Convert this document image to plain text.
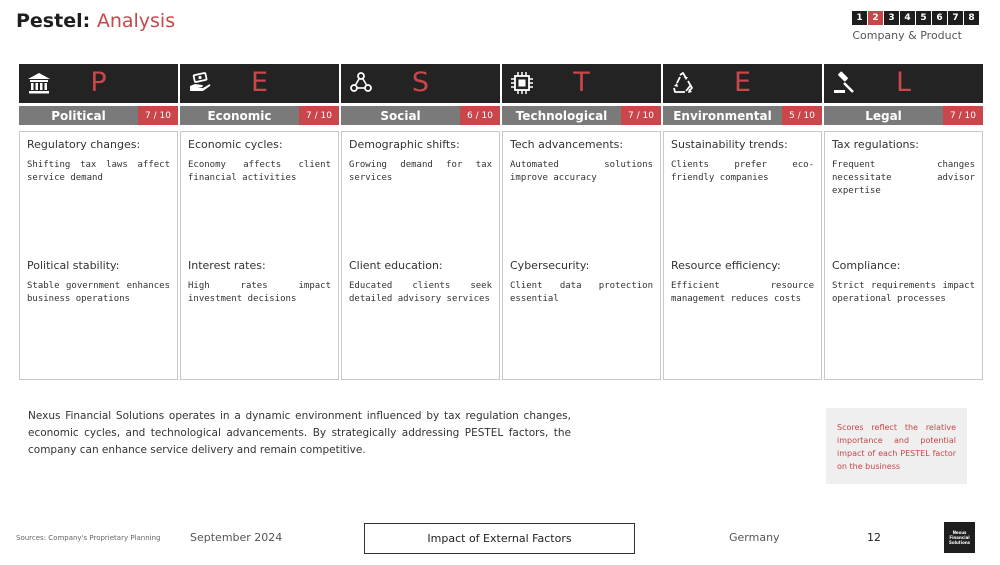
Pestel: Analysis	1	2	3	4	5	6	7	8
Company & Product
P
Political	7 / 10
Regulatory changes:
Shifting tax laws affect service demand
Political stability:
Stable government enhances business operations
E
Economic	7 / 10
Economic cycles:
Economy affects client financial activities
Interest rates:
High rates impact investment decisions
S
Social	6 / 10
Demographic shifts:
Growing demand for tax services
Client education:
Educated clients seek detailed advisory services
T
Technological	7 / 10
Tech advancements:
Automated solutions improve accuracy
Cybersecurity:
Client data protection essential
E
Environmental	5 / 10
Sustainability trends:
Clients prefer eco-friendly companies
Resource efficiency:
Efficient resource management reduces costs
L
Legal	7 / 10
Tax regulations:
Frequent changes necessitate advisor expertise
Compliance:
Strict requirements impact operational processes
Nexus Financial Solutions operates in a dynamic environment influenced by tax regulation changes, economic cycles, and technological advancements. By strategically addressing PESTEL factors, the company can enhance service delivery and remain competitive.
Scores reflect the relative importance and potential impact of each PESTEL factor on the business
Sources: Company's Proprietary Planning	September 2024	Impact of External Factors	Germany	12	Nexus Financial Solutions
